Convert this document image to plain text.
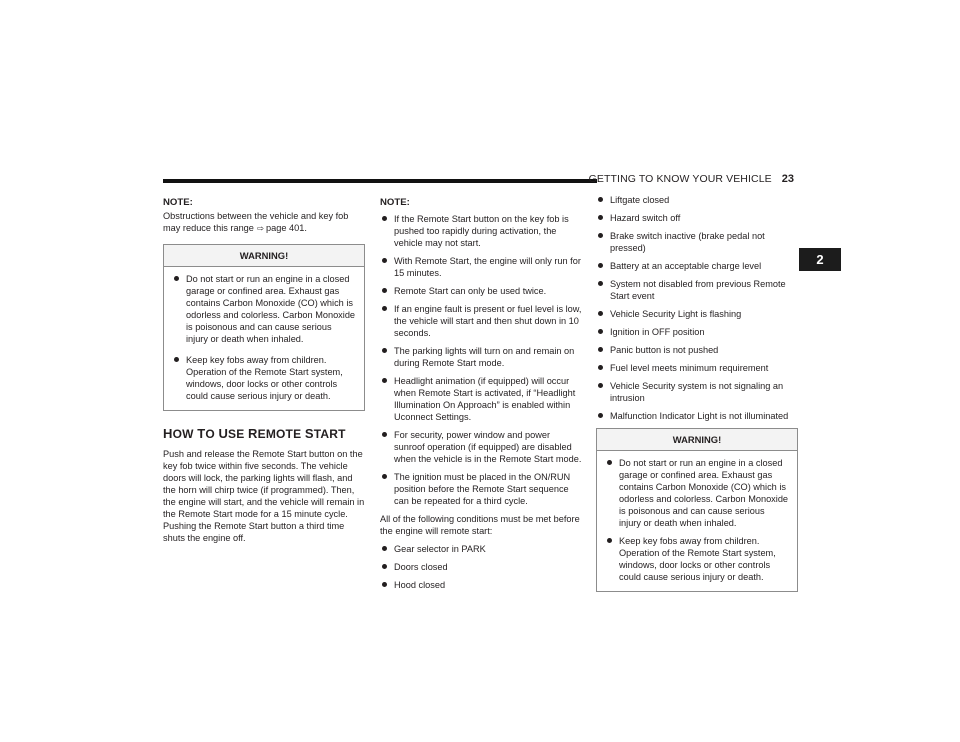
GETTING TO KNOW YOUR VEHICLE 23
2
NOTE:

Obstructions between the vehicle and key fob may reduce this range ⇨ page 401.

WARNING!
Do not start or run an engine in a closed garage or confined area. Exhaust gas contains Carbon Monoxide (CO) which is odorless and colorless. Carbon Monoxide is poisonous and can cause serious injury or death when inhaled.
Keep key fobs away from children. Operation of the Remote Start system, windows, door locks or other controls could cause serious injury or death.
HOW TO USE REMOTE START

Push and release the Remote Start button on the key fob twice within five seconds. The vehicle doors will lock, the parking lights will flash, and the horn will chirp twice (if programmed). Then, the engine will start, and the vehicle will remain in the Remote Start mode for a 15 minute cycle. Pushing the Remote Start button a third time shuts the engine off.

NOTE:
If the Remote Start button on the key fob is pushed too rapidly during activation, the vehicle may not start.
With Remote Start, the engine will only run for 15 minutes.
Remote Start can only be used twice.
If an engine fault is present or fuel level is low, the vehicle will start and then shut down in 10 seconds.
The parking lights will turn on and remain on during Remote Start mode.
Headlight animation (if equipped) will occur when Remote Start is activated, if “Headlight Illumination On Approach” is enabled within Uconnect Settings.
For security, power window and power sunroof operation (if equipped) are disabled when the vehicle is in the Remote Start mode.
The ignition must be placed in the ON/RUN position before the Remote Start sequence can be repeated for a third cycle.

All of the following conditions must be met before the engine will remote start:

Gear selector in PARK
Doors closed
Hood closed
Liftgate closed
Hazard switch off
Brake switch inactive (brake pedal not pressed)
Battery at an acceptable charge level
System not disabled from previous Remote Start event
Vehicle Security Light is flashing
Ignition in OFF position
Panic button is not pushed
Fuel level meets minimum requirement
Vehicle Security system is not signaling an intrusion
Malfunction Indicator Light is not illuminated
WARNING!
Do not start or run an engine in a closed garage or confined area. Exhaust gas contains Carbon Monoxide (CO) which is odorless and colorless. Carbon Monoxide is poisonous and can cause serious injury or death when inhaled.
Keep key fobs away from children. Operation of the Remote Start system, windows, door locks or other controls could cause serious injury or death.
